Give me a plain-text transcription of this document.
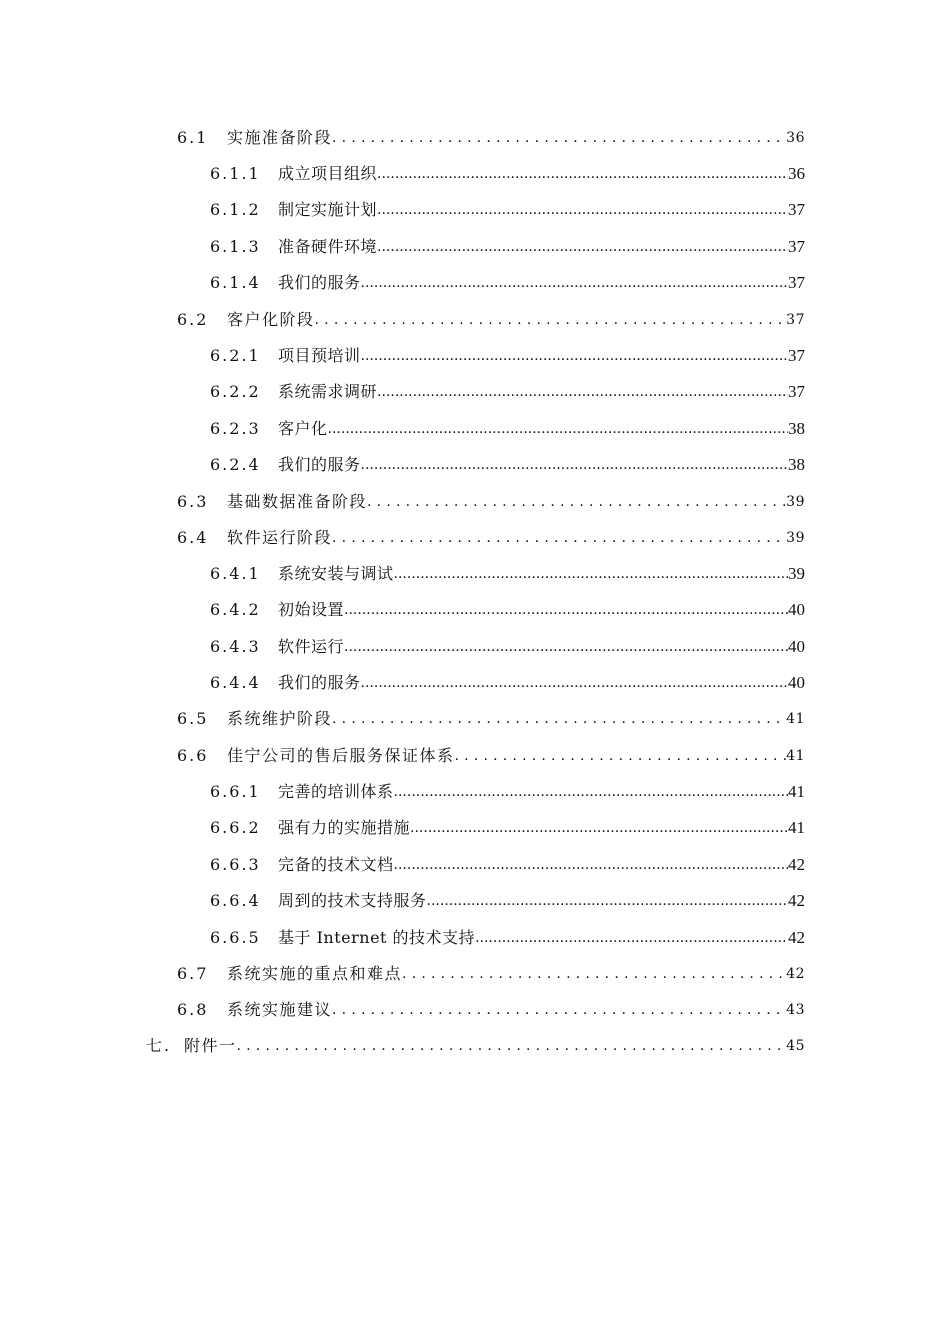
6.1	实施准备阶段 .....	36
6.1.1	成立项目组织 .....	36
6.1.2	制定实施计划 .....	37
6.1.3	准备硬件环境 .....	37
6.1.4	我们的服务 .....	37
6.2	客户化阶段 .....	37
6.2.1	项目预培训 .....	37
6.2.2	系统需求调研 .....	37
6.2.3	客户化 .....	38
6.2.4	我们的服务 .....	38
6.3	基础数据准备阶段 .....	39
6.4	软件运行阶段 .....	39
6.4.1	系统安装与调试 .....	39
6.4.2	初始设置 .....	40
6.4.3	软件运行 .....	40
6.4.4	我们的服务 .....	40
6.5	系统维护阶段 .....	41
6.6	佳宁公司的售后服务保证体系 .....	41
6.6.1	完善的培训体系 .....	41
6.6.2	强有力的实施措施 .....	41
6.6.3	完备的技术文档 .....	42
6.6.4	周到的技术支持服务 .....	42
6.6.5	基于 Internet 的技术支持 .....	42
6.7	系统实施的重点和难点 .....	42
6.8	系统实施建议 .....	43
七. 附件一 .....	45
